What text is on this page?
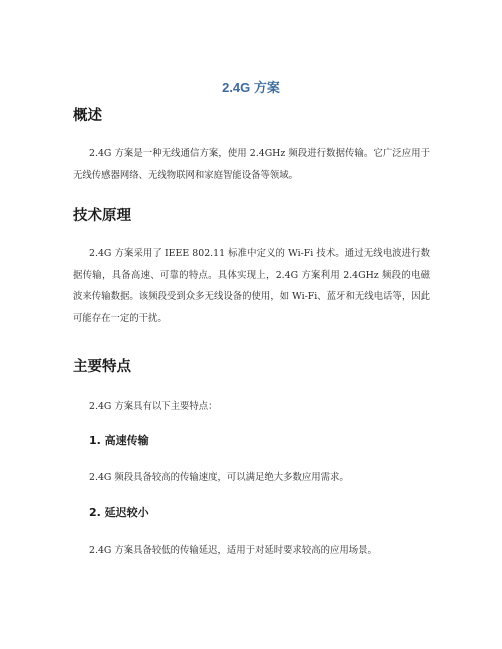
2.4G 方案
概述

2.4G 方案是一种无线通信方案，使用 2.4GHz 频段进行数据传输。它广泛应用于无线传感器网络、无线物联网和家庭智能设备等领域。

技术原理

2.4G 方案采用了 IEEE 802.11 标准中定义的 Wi-Fi 技术。通过无线电波进行数据传输，具备高速、可靠的特点。具体实现上，2.4G 方案利用 2.4GHz 频段的电磁波来传输数据。该频段受到众多无线设备的使用，如 Wi-Fi、蓝牙和无线电话等，因此可能存在一定的干扰。

主要特点

2.4G 方案具有以下主要特点：

1. 高速传输

2.4G 频段具备较高的传输速度，可以满足绝大多数应用需求。

2. 延迟较小

2.4G 方案具备较低的传输延迟，适用于对延时要求较高的应用场景。
